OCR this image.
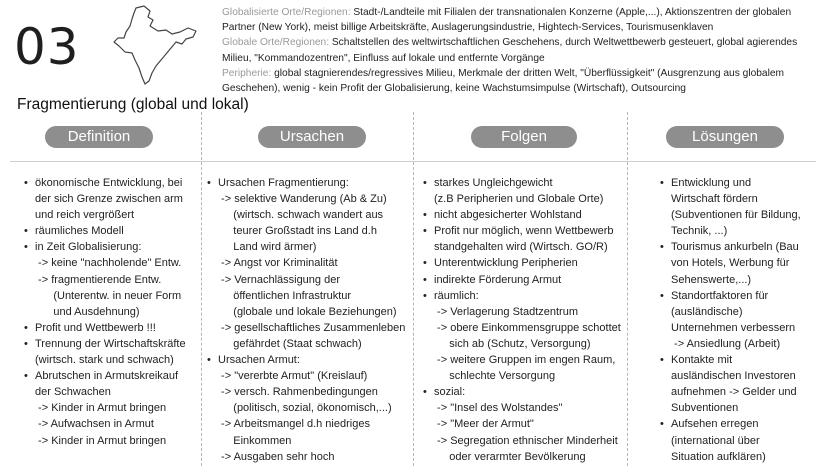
03
Globalisierte Orte/Regionen: Stadt-/Landteile mit Filialen der transnationalen Konzerne (Apple,...), Aktionszentren der globalen
Partner (New York), meist billige Arbeitskräfte, Auslagerungsindustrie, Hightech-Services, Tourismusenklaven
Globale Orte/Regionen: Schaltstellen des weltwirtschaftlichen Geschehens, durch Weltwettbewerb gesteuert, global agierendes
Milieu, "Kommandozentren", Einfluss auf lokale und entfernte Vorgänge
Peripherie: global stagnierendes/regressives Milieu, Merkmale der dritten Welt, "Überflüssigkeit" (Ausgrenzung aus globalem
Geschehen), wenig - kein Profit der Globalisierung, keine Wachstumsimpulse (Wirtschaft), Outsourcing
Fragmentierung (global und lokal)
Definition	Ursachen	Folgen	Lösungen
• ökonomische Entwicklung, bei
der sich Grenze zwischen arm
und reich vergrößert
• räumliches Modell
• in Zeit Globalisierung:
-> keine "nachholende" Entw.
-> fragmentierende Entw.
(Unterentw. in neuer Form
und Ausdehnung)
• Profit und Wettbewerb !!!
• Trennung der Wirtschaftskräfte
(wirtsch. stark und schwach)
• Abrutschen in Armutskreikauf
der Schwachen
-> Kinder in Armut bringen
-> Aufwachsen in Armut
-> Kinder in Armut bringen
• Ursachen Fragmentierung:
-> selektive Wanderung (Ab & Zu)
(wirtsch. schwach wandert aus
teurer Großstadt ins Land d.h
Land wird ärmer)
-> Angst vor Kriminalität
-> Vernachlässigung der
öffentlichen Infrastruktur
(globale und lokale Beziehungen)
-> gesellschaftliches Zusammenleben
gefährdet (Staat schwach)
• Ursachen Armut:
-> "vererbte Armut" (Kreislauf)
-> versch. Rahmenbedingungen
(politisch, sozial, ökonomisch,...)
-> Arbeitsmangel d.h niedriges
Einkommen
-> Ausgaben sehr hoch
• starkes Ungleichgewicht
(z.B Peripherien und Globale Orte)
• nicht abgesicherter Wohlstand
• Profit nur möglich, wenn Wettbewerb
standgehalten wird (Wirtsch. GO/R)
• Unterentwicklung Peripherien
• indirekte Förderung Armut
• räumlich:
-> Verlagerung Stadtzentrum
-> obere Einkommensgruppe schottet
sich ab (Schutz, Versorgung)
-> weitere Gruppen im engen Raum,
schlechte Versorgung
• sozial:
-> "Insel des Wolstandes"
-> "Meer der Armut"
-> Segregation ethnischer Minderheit
oder verarmter Bevölkerung
• Entwicklung und
Wirtschaft fördern
(Subventionen für Bildung,
Technik, ...)
• Tourismus ankurbeln (Bau
von Hotels, Werbung für
Sehenswerte,...)
• Standortfaktoren für
(ausländische)
Unternehmen verbessern
-> Ansiedlung (Arbeit)
• Kontakte mit
ausländischen Investoren
aufnehmen -> Gelder und
Subventionen
• Aufsehen erregen
(international über
Situation aufklären)
